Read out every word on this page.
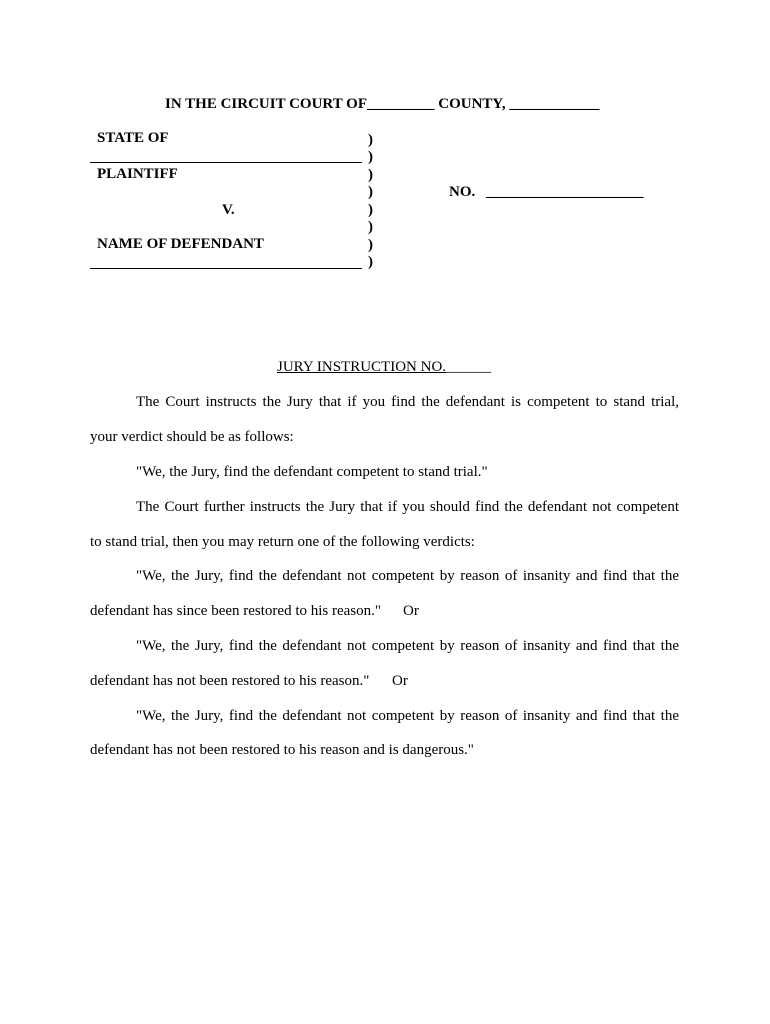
IN THE CIRCUIT COURT OF_________ COUNTY, ____________
STATE OF
PLAINTIFF
V.
NAME OF DEFENDANT
)
)
)
)
)
)
)
)
NO. _____________________
JURY INSTRUCTION NO.______
The Court instructs the Jury that if you find the defendant is competent to stand trial,
your verdict should be as follows:
"We, the Jury, find the defendant competent to stand trial."
The Court further instructs the Jury that if you should find the defendant not competent
to stand trial, then you may return one of the following verdicts:
"We, the Jury, find the defendant not competent by reason of insanity and find that the
defendant has since been restored to his reason." Or
"We, the Jury, find the defendant not competent by reason of insanity and find that the
defendant has not been restored to his reason." Or
"We, the Jury, find the defendant not competent by reason of insanity and find that the
defendant has not been restored to his reason and is dangerous."
